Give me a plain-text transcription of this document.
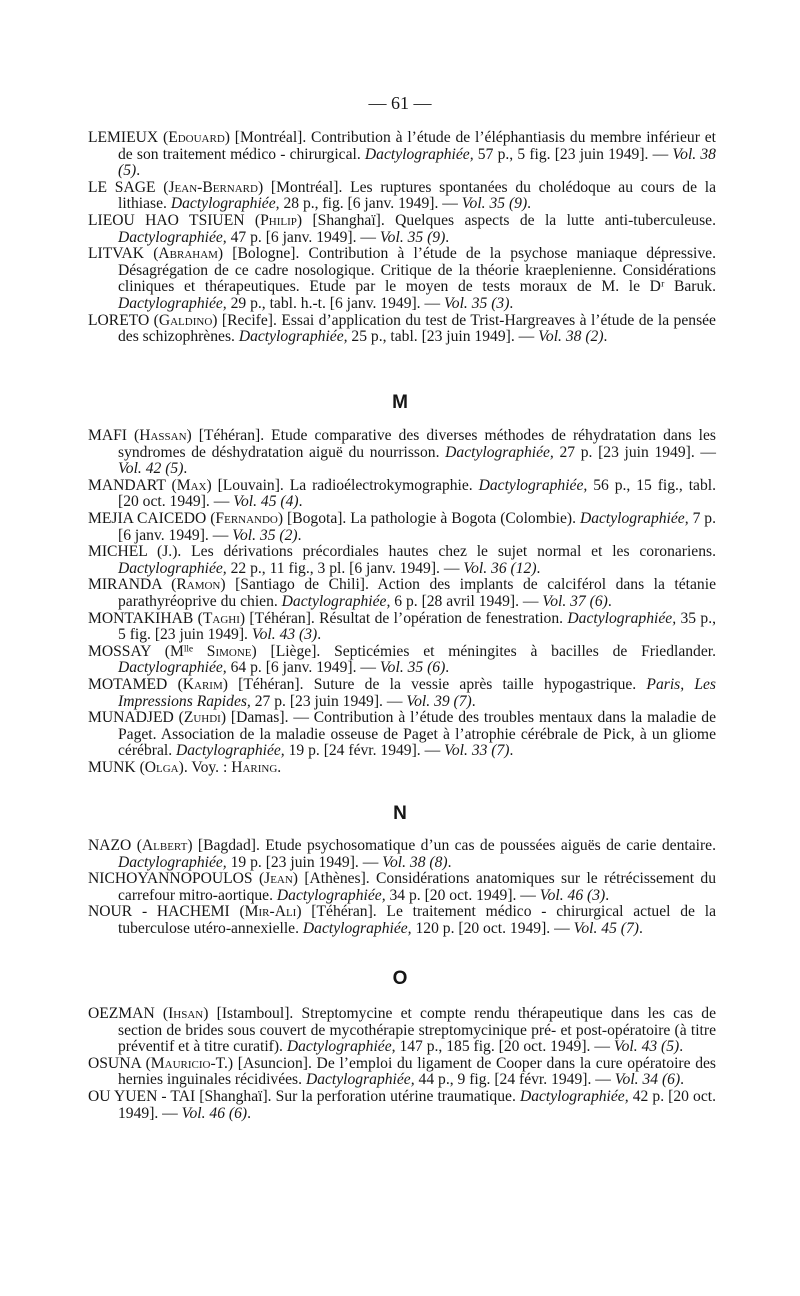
— 61 —

LEMIEUX (Edouard) [Montréal]. Contribution à l’étude de l’éléphantiasis du membre inférieur et de son traitement médico - chirurgical. Dactylographiée, 57 p., 5 fig. [23 juin 1949]. — Vol. 38 (5).

LE SAGE (Jean-Bernard) [Montréal]. Les ruptures spontanées du cholédoque au cours de la lithiase. Dactylographiée, 28 p., fig. [6 janv. 1949]. — Vol. 35 (9).

LIEOU HAO TSIUEN (Philip) [Shanghaï]. Quelques aspects de la lutte anti-tuberculeuse. Dactylographiée, 47 p. [6 janv. 1949]. — Vol. 35 (9).

LITVAK (Abraham) [Bologne]. Contribution à l’étude de la psychose maniaque dépressive. Désagrégation de ce cadre nosologique. Critique de la théorie kraeplenienne. Considérations cliniques et thérapeutiques. Etude par le moyen de tests moraux de M. le Dʳ Baruk. Dactylographiée, 29 p., tabl. h.-t. [6 janv. 1949]. — Vol. 35 (3).

LORETO (Galdino) [Recife]. Essai d’application du test de Trist-Hargreaves à l’étude de la pensée des schizophrènes. Dactylographiée, 25 p., tabl. [23 juin 1949]. — Vol. 38 (2).

M

MAFI (Hassan) [Téhéran]. Etude comparative des diverses méthodes de réhydratation dans les syndromes de déshydratation aiguë du nourrisson. Dactylographiée, 27 p. [23 juin 1949]. — Vol. 42 (5).

MANDART (Max) [Louvain]. La radioélectrokymographie. Dactylographiée, 56 p., 15 fig., tabl. [20 oct. 1949]. — Vol. 45 (4).

MEJIA CAICEDO (Fernando) [Bogota]. La pathologie à Bogota (Colombie). Dactylographiée, 7 p. [6 janv. 1949]. — Vol. 35 (2).

MICHEL (J.). Les dérivations précordiales hautes chez le sujet normal et les coronariens. Dactylographiée, 22 p., 11 fig., 3 pl. [6 janv. 1949]. — Vol. 36 (12).

MIRANDA (Ramon) [Santiago de Chili]. Action des implants de calciférol dans la tétanie parathyréoprive du chien. Dactylographiée, 6 p. [28 avril 1949]. — Vol. 37 (6).

MONTAKIHAB (Taghi) [Téhéran]. Résultat de l’opération de fenestration. Dactylographiée, 35 p., 5 fig. [23 juin 1949]. Vol. 43 (3).

MOSSAY (Mˡˡᵉ Simone) [Liège]. Septicémies et méningites à bacilles de Friedlander. Dactylographiée, 64 p. [6 janv. 1949]. — Vol. 35 (6).

MOTAMED (Karim) [Téhéran]. Suture de la vessie après taille hypogastrique. Paris, Les Impressions Rapides, 27 p. [23 juin 1949]. — Vol. 39 (7).

MUNADJED (Zuhdi) [Damas]. — Contribution à l’étude des troubles mentaux dans la maladie de Paget. Association de la maladie osseuse de Paget à l’atrophie cérébrale de Pick, à un gliome cérébral. Dactylographiée, 19 p. [24 févr. 1949]. — Vol. 33 (7).

MUNK (Olga). Voy. : Haring.

N

NAZO (Albert) [Bagdad]. Etude psychosomatique d’un cas de poussées aiguës de carie dentaire. Dactylographiée, 19 p. [23 juin 1949]. — Vol. 38 (8).

NICHOYANNOPOULOS (Jean) [Athènes]. Considérations anatomiques sur le rétrécissement du carrefour mitro-aortique. Dactylographiée, 34 p. [20 oct. 1949]. — Vol. 46 (3).

NOUR - HACHEMI (Mir-Ali) [Téhéran]. Le traitement médico - chirurgical actuel de la tuberculose utéro-annexielle. Dactylographiée, 120 p. [20 oct. 1949]. — Vol. 45 (7).

O

OEZMAN (Ihsan) [Istamboul]. Streptomycine et compte rendu thérapeutique dans les cas de section de brides sous couvert de mycothérapie streptomycinique pré- et post-opératoire (à titre préventif et à titre curatif). Dactylographiée, 147 p., 185 fig. [20 oct. 1949]. — Vol. 43 (5).

OSUNA (Mauricio-T.) [Asuncion]. De l’emploi du ligament de Cooper dans la cure opératoire des hernies inguinales récidivées. Dactylographiée, 44 p., 9 fig. [24 févr. 1949]. — Vol. 34 (6).

OU YUEN - TAI [Shanghaï]. Sur la perforation utérine traumatique. Dactylographiée, 42 p. [20 oct. 1949]. — Vol. 46 (6).
